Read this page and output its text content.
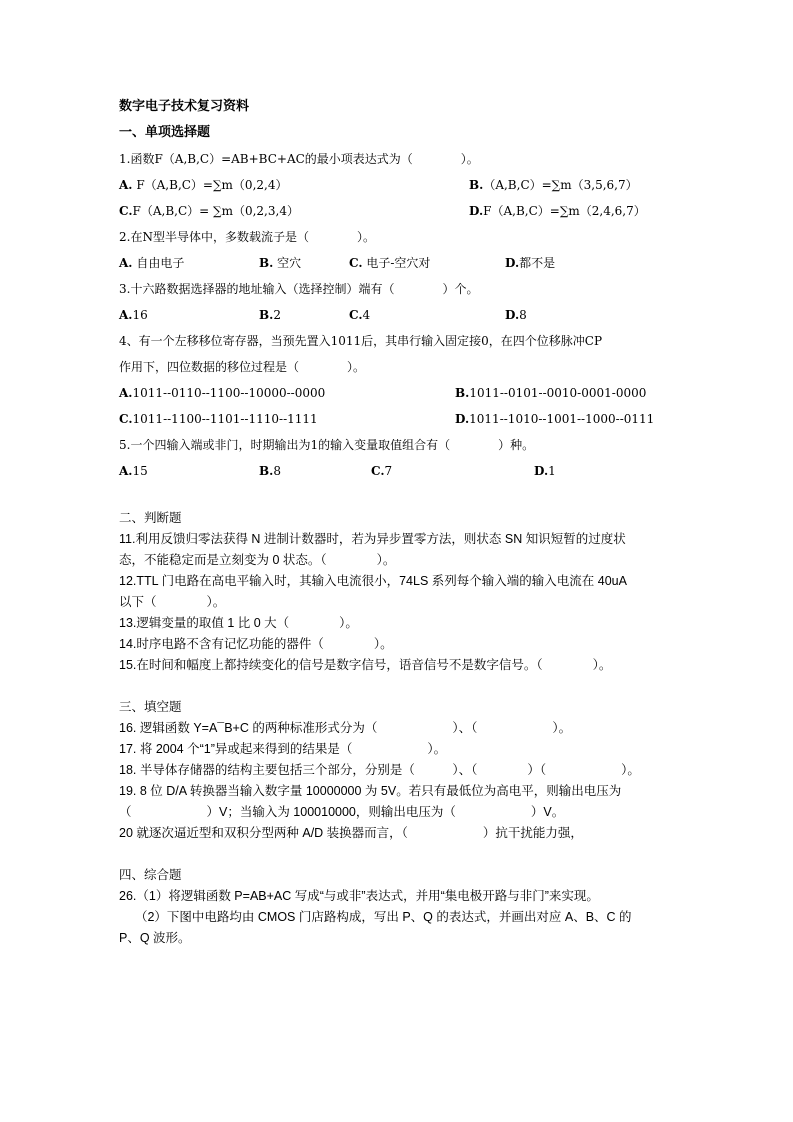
数字电子技术复习资料
一、单项选择题
1.函数F（A,B,C）=AB+BC+AC的最小项表达式为（　　　　）。
A. F（A,B,C）=∑m（0,2,4）	B.（A,B,C）=∑m（3,5,6,7）
C.F（A,B,C）= ∑m（0,2,3,4）	D.F（A,B,C）=∑m（2,4,6,7）
2.在N型半导体中，多数载流子是（　　　　）。
A. 自由电子	B. 空穴	C. 电子-空穴对	D.都不是
3.十六路数据选择器的地址输入（选择控制）端有（　　　　）个。
A.16	B.2	C.4	D.8
4、有一个左移移位寄存器，当预先置入1011后，其串行输入固定接0，在四个位移脉冲CP
作用下，四位数据的移位过程是（　　　　）。
A.1011--0110--1100--10000--0000	B.1011--0101--0010-0001-0000
C.1011--1100--1101--1110--1111	D.1011--1010--1001--1000--0111
5.一个四输入端或非门，时期输出为1的输入变量取值组合有（　　　　）种。
A.15	B.8	C.7	D.1
二、判断题
11.利用反馈归零法获得 N 进制计数器时，若为异步置零方法，则状态 SN 知识短暂的过度状
态，不能稳定而是立刻变为 0 状态。（　　　　）。
12.TTL 门电路在高电平输入时，其输入电流很小，74LS 系列每个输入端的输入电流在 40uA
以下（　　　　）。
13.逻辑变量的取值 1 比 0 大（　　　　）。
14.时序电路不含有记忆功能的器件（　　　　）。
15.在时间和幅度上都持续变化的信号是数字信号，语音信号不是数字信号。（　　　　）。
三、填空题
16. 逻辑函数 Y=A¯B+C 的两种标准形式分为（　　　　　　）、（　　　　　　）。
17. 将 2004 个“1”异或起来得到的结果是（　　　　　　）。
18. 半导体存储器的结构主要包括三个部分，分别是（　　　）、（　　　　）（　　　　　　）。
19. 8 位 D/A 转换器当输入数字量 10000000 为 5V。若只有最低位为高电平，则输出电压为
（　　　　　　）V；当输入为 100010000，则输出电压为（　　　　　　）V。
20 就逐次逼近型和双积分型两种 A/D 装换器而言，（　　　　　　）抗干扰能力强，
四、综合题
26.（1）将逻辑函数 P=AB+AC 写成“与或非”表达式，并用“集电极开路与非门”来实现。
　 （2）下图中电路均由 CMOS 门店路构成，写出 P、Q 的表达式，并画出对应 A、B、C 的
P、Q 波形。
